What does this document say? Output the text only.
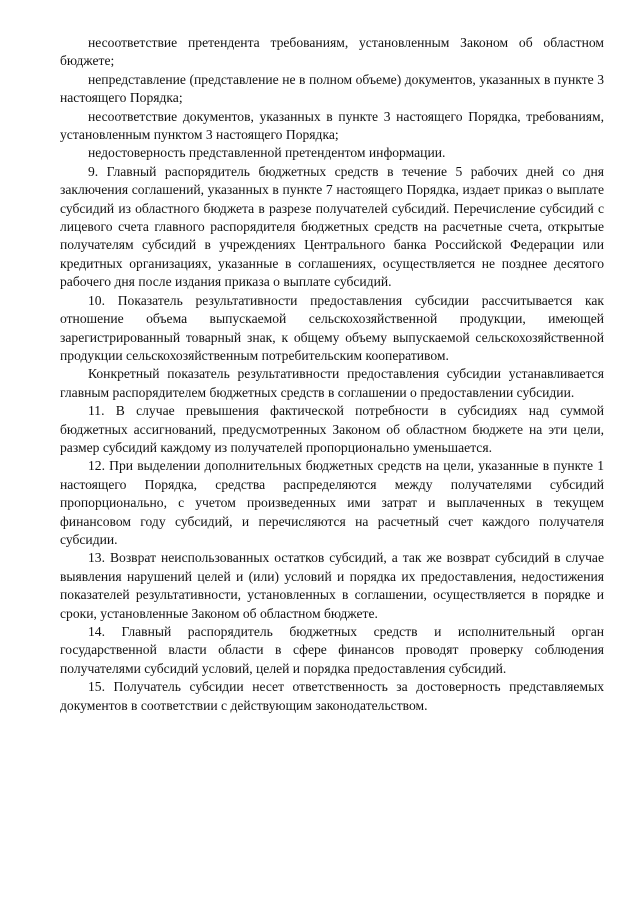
несоответствие претендента требованиям, установленным Законом об областном бюджете;

непредставление (представление не в полном объеме) документов, указанных в пункте 3 настоящего Порядка;

несоответствие документов, указанных в пункте 3 настоящего Порядка, требованиям, установленным пунктом 3 настоящего Порядка;

недостоверность представленной претендентом информации.

9. Главный распорядитель бюджетных средств в течение 5 рабочих дней со дня заключения соглашений, указанных в пункте 7 настоящего Порядка, издает приказ о выплате субсидий из областного бюджета в разрезе получателей субсидий. Перечисление субсидий с лицевого счета главного распорядителя бюджетных средств на расчетные счета, открытые получателям субсидий в учреждениях Центрального банка Российской Федерации или кредитных организациях, указанные в соглашениях, осуществляется не позднее десятого рабочего дня после издания приказа о выплате субсидий.

10. Показатель результативности предоставления субсидии рассчитывается как отношение объема выпускаемой сельскохозяйственной продукции, имеющей зарегистрированный товарный знак, к общему объему выпускаемой сельскохозяйственной продукции сельскохозяйственным потребительским кооперативом.

Конкретный показатель результативности предоставления субсидии устанавливается главным распорядителем бюджетных средств в соглашении о предоставлении субсидии.

11. В случае превышения фактической потребности в субсидиях над суммой бюджетных ассигнований, предусмотренных Законом об областном бюджете на эти цели, размер субсидий каждому из получателей пропорционально уменьшается.

12. При выделении дополнительных бюджетных средств на цели, указанные в пункте 1 настоящего Порядка, средства распределяются между получателями субсидий пропорционально, с учетом произведенных ими затрат и выплаченных в текущем финансовом году субсидий, и перечисляются на расчетный счет каждого получателя субсидии.

13. Возврат неиспользованных остатков субсидий, а так же возврат субсидий в случае выявления нарушений целей и (или) условий и порядка их предоставления, недостижения показателей результативности, установленных в соглашении, осуществляется в порядке и сроки, установленные Законом об областном бюджете.

14. Главный распорядитель бюджетных средств и исполнительный орган государственной власти области в сфере финансов проводят проверку соблюдения получателями субсидий условий, целей и порядка предоставления субсидий.

15. Получатель субсидии несет ответственность за достоверность представляемых документов в соответствии с действующим законодательством.
